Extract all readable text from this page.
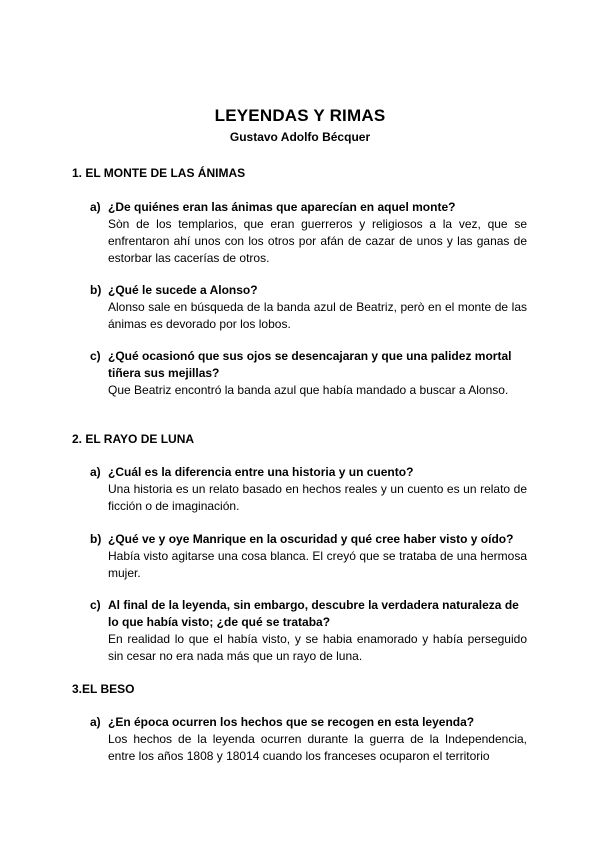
LEYENDAS Y RIMAS
Gustavo Adolfo Bécquer
1. EL MONTE DE LAS ÁNIMAS
a) ¿De quiénes eran las ánimas que aparecían en aquel monte?
Sòn de los templarios, que eran guerreros y religiosos a la vez, que se enfrentaron ahí unos con los otros por afán de cazar de unos y las ganas de estorbar las cacerías de otros.
b) ¿Qué le sucede a Alonso?
Alonso sale en búsqueda de la banda azul de Beatriz, però en el monte de las ánimas es devorado por los lobos.
c) ¿Qué ocasionó que sus ojos se desencajaran y que una palidez mortal tiñera sus mejillas?
Que Beatriz encontró la banda azul que había mandado a buscar a Alonso.
2. EL RAYO DE LUNA
a) ¿Cuál es la diferencia entre una historia y un cuento?
Una historia es un relato basado en hechos reales y un cuento es un relato de ficción o de imaginación.
b) ¿Qué ve y oye Manrique en la oscuridad y qué cree haber visto y oído?
Había visto agitarse una cosa blanca. El creyó que se trataba de una hermosa mujer.
c) Al final de la leyenda, sin embargo, descubre la verdadera naturaleza de lo que había visto; ¿de qué se trataba?
En realidad lo que el había visto, y se habia enamorado y había perseguido sin cesar no era nada más que un rayo de luna.
3.EL BESO
a) ¿En época ocurren los hechos que se recogen en esta leyenda?
Los hechos de la leyenda ocurren durante la guerra de la Independencia, entre los años 1808 y 18014 cuando los franceses ocuparon el territorio
